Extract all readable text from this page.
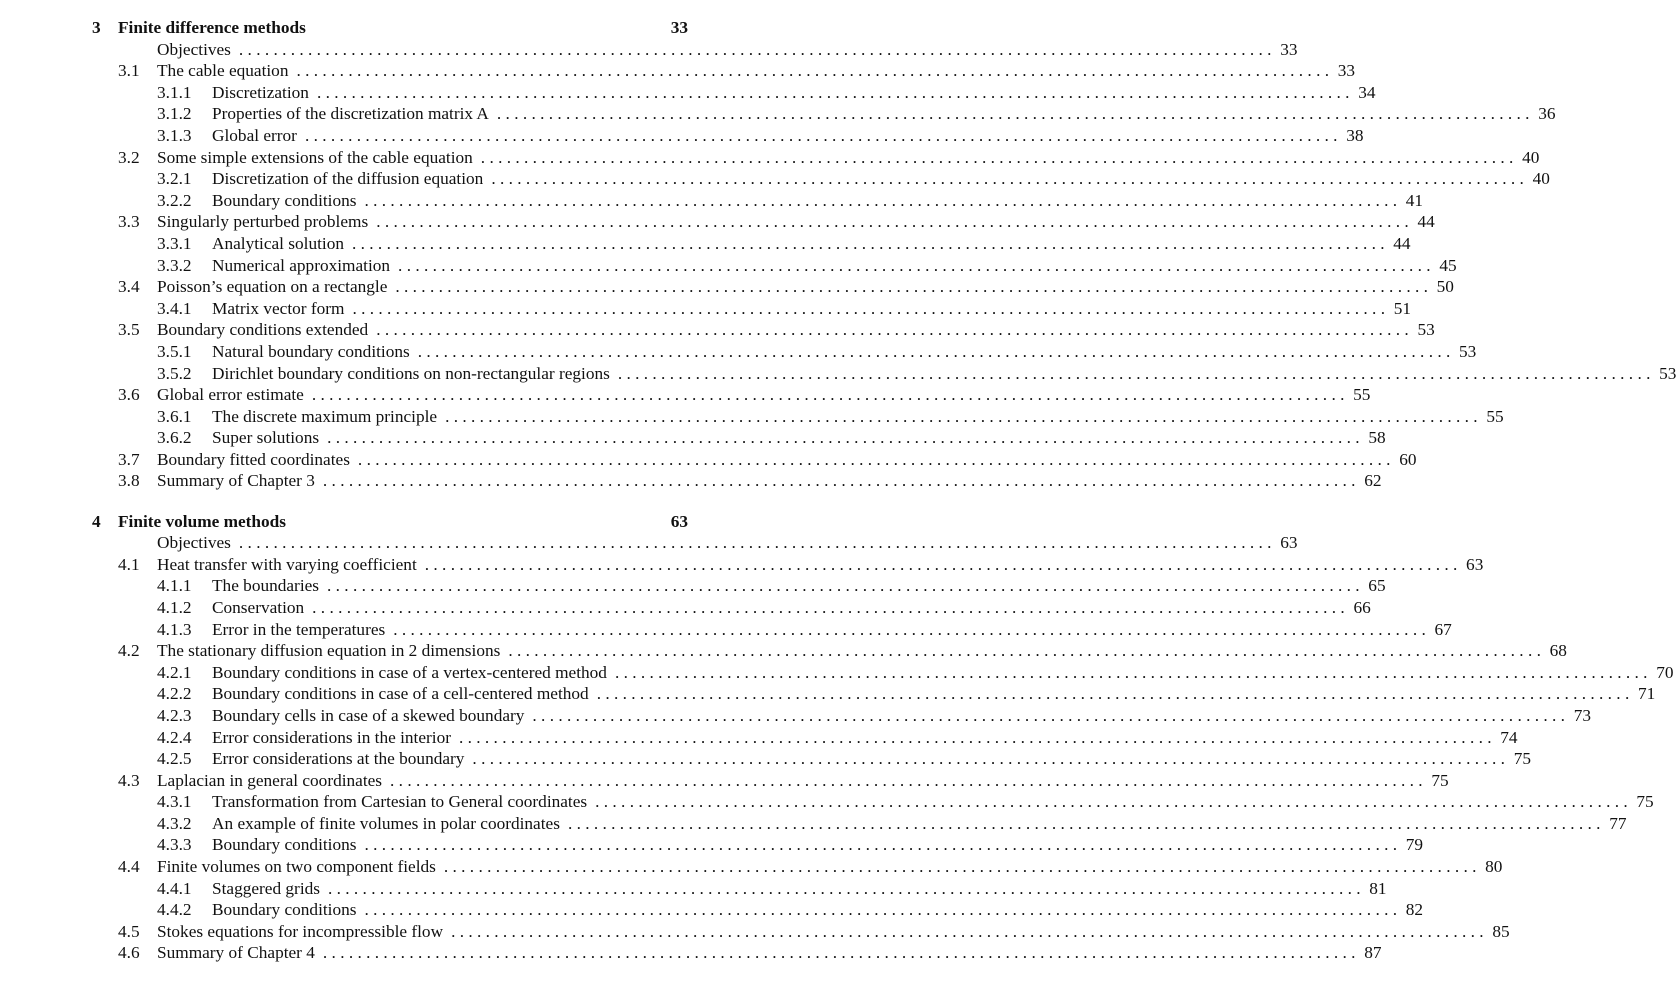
3	Finite difference methods	33
Objectives . . . . . . . . . . . . . . . . . . . . . . . . . . . . . . . . . . . . . . . . . . . . . . . . . . . . . . . . . . . . . . . . . . . . . . . . . . . . . . . . . . . . . . . . . . . . . . . . . . . . . . . . . . . . . . . . . . . . . . . . 33
3.1	The cable equation . . . . . . . . . . . . . . . . . . . . . . . . . . . . . . . . . . . . . . . . . . . . . . . . . . . . . . . . . . . . . . . . . . . . . . . . . . . . . . . . . . . . . . . . . . . . . . . . . . . . . . . . . . . . . . . . . . . . . . . . 33
3.1.1	Discretization . . . . . . . . . . . . . . . . . . . . . . . . . . . . . . . . . . . . . . . . . . . . . . . . . . . . . . . . . . . . . . . . . . . . . . . . . . . . . . . . . . . . . . . . . . . . . . . . . . . . . . . . . . . . . . . . . . . . . . . . 34
3.1.2	Properties of the discretization matrix A . . . . . . . . . . . . . . . . . . . . . . . . . . . . . . . . . . . . . . . . . . . . . . . . . . . . . . . . . . . . . . . . . . . . . . . . . . . . . . . . . . . . . . . . . . . . . . . . . . . . . . . . . . . . . . . . . . . . . . . . 36
3.1.3	Global error . . . . . . . . . . . . . . . . . . . . . . . . . . . . . . . . . . . . . . . . . . . . . . . . . . . . . . . . . . . . . . . . . . . . . . . . . . . . . . . . . . . . . . . . . . . . . . . . . . . . . . . . . . . . . . . . . . . . . . . . 38
3.2	Some simple extensions of the cable equation . . . . . . . . . . . . . . . . . . . . . . . . . . . . . . . . . . . . . . . . . . . . . . . . . . . . . . . . . . . . . . . . . . . . . . . . . . . . . . . . . . . . . . . . . . . . . . . . . . . . . . . . . . . . . . . . . . . . . . . . 40
3.2.1	Discretization of the diffusion equation . . . . . . . . . . . . . . . . . . . . . . . . . . . . . . . . . . . . . . . . . . . . . . . . . . . . . . . . . . . . . . . . . . . . . . . . . . . . . . . . . . . . . . . . . . . . . . . . . . . . . . . . . . . . . . . . . . . . . . . . 40
3.2.2	Boundary conditions . . . . . . . . . . . . . . . . . . . . . . . . . . . . . . . . . . . . . . . . . . . . . . . . . . . . . . . . . . . . . . . . . . . . . . . . . . . . . . . . . . . . . . . . . . . . . . . . . . . . . . . . . . . . . . . . . . . . . . . . 41
3.3	Singularly perturbed problems . . . . . . . . . . . . . . . . . . . . . . . . . . . . . . . . . . . . . . . . . . . . . . . . . . . . . . . . . . . . . . . . . . . . . . . . . . . . . . . . . . . . . . . . . . . . . . . . . . . . . . . . . . . . . . . . . . . . . . . . 44
3.3.1	Analytical solution . . . . . . . . . . . . . . . . . . . . . . . . . . . . . . . . . . . . . . . . . . . . . . . . . . . . . . . . . . . . . . . . . . . . . . . . . . . . . . . . . . . . . . . . . . . . . . . . . . . . . . . . . . . . . . . . . . . . . . . . 44
3.3.2	Numerical approximation . . . . . . . . . . . . . . . . . . . . . . . . . . . . . . . . . . . . . . . . . . . . . . . . . . . . . . . . . . . . . . . . . . . . . . . . . . . . . . . . . . . . . . . . . . . . . . . . . . . . . . . . . . . . . . . . . . . . . . . . 45
3.4	Poisson’s equation on a rectangle . . . . . . . . . . . . . . . . . . . . . . . . . . . . . . . . . . . . . . . . . . . . . . . . . . . . . . . . . . . . . . . . . . . . . . . . . . . . . . . . . . . . . . . . . . . . . . . . . . . . . . . . . . . . . . . . . . . . . . . . 50
3.4.1	Matrix vector form . . . . . . . . . . . . . . . . . . . . . . . . . . . . . . . . . . . . . . . . . . . . . . . . . . . . . . . . . . . . . . . . . . . . . . . . . . . . . . . . . . . . . . . . . . . . . . . . . . . . . . . . . . . . . . . . . . . . . . . . 51
3.5	Boundary conditions extended . . . . . . . . . . . . . . . . . . . . . . . . . . . . . . . . . . . . . . . . . . . . . . . . . . . . . . . . . . . . . . . . . . . . . . . . . . . . . . . . . . . . . . . . . . . . . . . . . . . . . . . . . . . . . . . . . . . . . . . . 53
3.5.1	Natural boundary conditions . . . . . . . . . . . . . . . . . . . . . . . . . . . . . . . . . . . . . . . . . . . . . . . . . . . . . . . . . . . . . . . . . . . . . . . . . . . . . . . . . . . . . . . . . . . . . . . . . . . . . . . . . . . . . . . . . . . . . . . . 53
3.5.2	Dirichlet boundary conditions on non-rectangular regions . . . . . . . . . . . . . . . . . . . . . . . . . . . . . . . . . . . . . . . . . . . . . . . . . . . . . . . . . . . . . . . . . . . . . . . . . . . . . . . . . . . . . . . . . . . . . . . . . . . . . . . . . . . . . . . . . . . . . . . . 53
3.6	Global error estimate . . . . . . . . . . . . . . . . . . . . . . . . . . . . . . . . . . . . . . . . . . . . . . . . . . . . . . . . . . . . . . . . . . . . . . . . . . . . . . . . . . . . . . . . . . . . . . . . . . . . . . . . . . . . . . . . . . . . . . . . 55
3.6.1	The discrete maximum principle . . . . . . . . . . . . . . . . . . . . . . . . . . . . . . . . . . . . . . . . . . . . . . . . . . . . . . . . . . . . . . . . . . . . . . . . . . . . . . . . . . . . . . . . . . . . . . . . . . . . . . . . . . . . . . . . . . . . . . . . 55
3.6.2	Super solutions . . . . . . . . . . . . . . . . . . . . . . . . . . . . . . . . . . . . . . . . . . . . . . . . . . . . . . . . . . . . . . . . . . . . . . . . . . . . . . . . . . . . . . . . . . . . . . . . . . . . . . . . . . . . . . . . . . . . . . . . 58
3.7	Boundary fitted coordinates . . . . . . . . . . . . . . . . . . . . . . . . . . . . . . . . . . . . . . . . . . . . . . . . . . . . . . . . . . . . . . . . . . . . . . . . . . . . . . . . . . . . . . . . . . . . . . . . . . . . . . . . . . . . . . . . . . . . . . . . 60
3.8	Summary of Chapter 3 . . . . . . . . . . . . . . . . . . . . . . . . . . . . . . . . . . . . . . . . . . . . . . . . . . . . . . . . . . . . . . . . . . . . . . . . . . . . . . . . . . . . . . . . . . . . . . . . . . . . . . . . . . . . . . . . . . . . . . . . 62
4	Finite volume methods	63
Objectives . . . . . . . . . . . . . . . . . . . . . . . . . . . . . . . . . . . . . . . . . . . . . . . . . . . . . . . . . . . . . . . . . . . . . . . . . . . . . . . . . . . . . . . . . . . . . . . . . . . . . . . . . . . . . . . . . . . . . . . . 63
4.1	Heat transfer with varying coefficient . . . . . . . . . . . . . . . . . . . . . . . . . . . . . . . . . . . . . . . . . . . . . . . . . . . . . . . . . . . . . . . . . . . . . . . . . . . . . . . . . . . . . . . . . . . . . . . . . . . . . . . . . . . . . . . . . . . . . . . . 63
4.1.1	The boundaries . . . . . . . . . . . . . . . . . . . . . . . . . . . . . . . . . . . . . . . . . . . . . . . . . . . . . . . . . . . . . . . . . . . . . . . . . . . . . . . . . . . . . . . . . . . . . . . . . . . . . . . . . . . . . . . . . . . . . . . . 65
4.1.2	Conservation . . . . . . . . . . . . . . . . . . . . . . . . . . . . . . . . . . . . . . . . . . . . . . . . . . . . . . . . . . . . . . . . . . . . . . . . . . . . . . . . . . . . . . . . . . . . . . . . . . . . . . . . . . . . . . . . . . . . . . . . 66
4.1.3	Error in the temperatures . . . . . . . . . . . . . . . . . . . . . . . . . . . . . . . . . . . . . . . . . . . . . . . . . . . . . . . . . . . . . . . . . . . . . . . . . . . . . . . . . . . . . . . . . . . . . . . . . . . . . . . . . . . . . . . . . . . . . . . . 67
4.2	The stationary diffusion equation in 2 dimensions . . . . . . . . . . . . . . . . . . . . . . . . . . . . . . . . . . . . . . . . . . . . . . . . . . . . . . . . . . . . . . . . . . . . . . . . . . . . . . . . . . . . . . . . . . . . . . . . . . . . . . . . . . . . . . . . . . . . . . . . 68
4.2.1	Boundary conditions in case of a vertex-centered method . . . . . . . . . . . . . . . . . . . . . . . . . . . . . . . . . . . . . . . . . . . . . . . . . . . . . . . . . . . . . . . . . . . . . . . . . . . . . . . . . . . . . . . . . . . . . . . . . . . . . . . . . . . . . . . . . . . . . . . . 70
4.2.2	Boundary conditions in case of a cell-centered method . . . . . . . . . . . . . . . . . . . . . . . . . . . . . . . . . . . . . . . . . . . . . . . . . . . . . . . . . . . . . . . . . . . . . . . . . . . . . . . . . . . . . . . . . . . . . . . . . . . . . . . . . . . . . . . . . . . . . . . . 71
4.2.3	Boundary cells in case of a skewed boundary . . . . . . . . . . . . . . . . . . . . . . . . . . . . . . . . . . . . . . . . . . . . . . . . . . . . . . . . . . . . . . . . . . . . . . . . . . . . . . . . . . . . . . . . . . . . . . . . . . . . . . . . . . . . . . . . . . . . . . . . 73
4.2.4	Error considerations in the interior . . . . . . . . . . . . . . . . . . . . . . . . . . . . . . . . . . . . . . . . . . . . . . . . . . . . . . . . . . . . . . . . . . . . . . . . . . . . . . . . . . . . . . . . . . . . . . . . . . . . . . . . . . . . . . . . . . . . . . . . 74
4.2.5	Error considerations at the boundary . . . . . . . . . . . . . . . . . . . . . . . . . . . . . . . . . . . . . . . . . . . . . . . . . . . . . . . . . . . . . . . . . . . . . . . . . . . . . . . . . . . . . . . . . . . . . . . . . . . . . . . . . . . . . . . . . . . . . . . . 75
4.3	Laplacian in general coordinates . . . . . . . . . . . . . . . . . . . . . . . . . . . . . . . . . . . . . . . . . . . . . . . . . . . . . . . . . . . . . . . . . . . . . . . . . . . . . . . . . . . . . . . . . . . . . . . . . . . . . . . . . . . . . . . . . . . . . . . . 75
4.3.1	Transformation from Cartesian to General coordinates . . . . . . . . . . . . . . . . . . . . . . . . . . . . . . . . . . . . . . . . . . . . . . . . . . . . . . . . . . . . . . . . . . . . . . . . . . . . . . . . . . . . . . . . . . . . . . . . . . . . . . . . . . . . . . . . . . . . . . . . 75
4.3.2	An example of finite volumes in polar coordinates . . . . . . . . . . . . . . . . . . . . . . . . . . . . . . . . . . . . . . . . . . . . . . . . . . . . . . . . . . . . . . . . . . . . . . . . . . . . . . . . . . . . . . . . . . . . . . . . . . . . . . . . . . . . . . . . . . . . . . . . 77
4.3.3	Boundary conditions . . . . . . . . . . . . . . . . . . . . . . . . . . . . . . . . . . . . . . . . . . . . . . . . . . . . . . . . . . . . . . . . . . . . . . . . . . . . . . . . . . . . . . . . . . . . . . . . . . . . . . . . . . . . . . . . . . . . . . . . 79
4.4	Finite volumes on two component fields . . . . . . . . . . . . . . . . . . . . . . . . . . . . . . . . . . . . . . . . . . . . . . . . . . . . . . . . . . . . . . . . . . . . . . . . . . . . . . . . . . . . . . . . . . . . . . . . . . . . . . . . . . . . . . . . . . . . . . . . 80
4.4.1	Staggered grids . . . . . . . . . . . . . . . . . . . . . . . . . . . . . . . . . . . . . . . . . . . . . . . . . . . . . . . . . . . . . . . . . . . . . . . . . . . . . . . . . . . . . . . . . . . . . . . . . . . . . . . . . . . . . . . . . . . . . . . . 81
4.4.2	Boundary conditions . . . . . . . . . . . . . . . . . . . . . . . . . . . . . . . . . . . . . . . . . . . . . . . . . . . . . . . . . . . . . . . . . . . . . . . . . . . . . . . . . . . . . . . . . . . . . . . . . . . . . . . . . . . . . . . . . . . . . . . . 82
4.5	Stokes equations for incompressible flow . . . . . . . . . . . . . . . . . . . . . . . . . . . . . . . . . . . . . . . . . . . . . . . . . . . . . . . . . . . . . . . . . . . . . . . . . . . . . . . . . . . . . . . . . . . . . . . . . . . . . . . . . . . . . . . . . . . . . . . . 85
4.6	Summary of Chapter 4 . . . . . . . . . . . . . . . . . . . . . . . . . . . . . . . . . . . . . . . . . . . . . . . . . . . . . . . . . . . . . . . . . . . . . . . . . . . . . . . . . . . . . . . . . . . . . . . . . . . . . . . . . . . . . . . . . . . . . . . . 87
